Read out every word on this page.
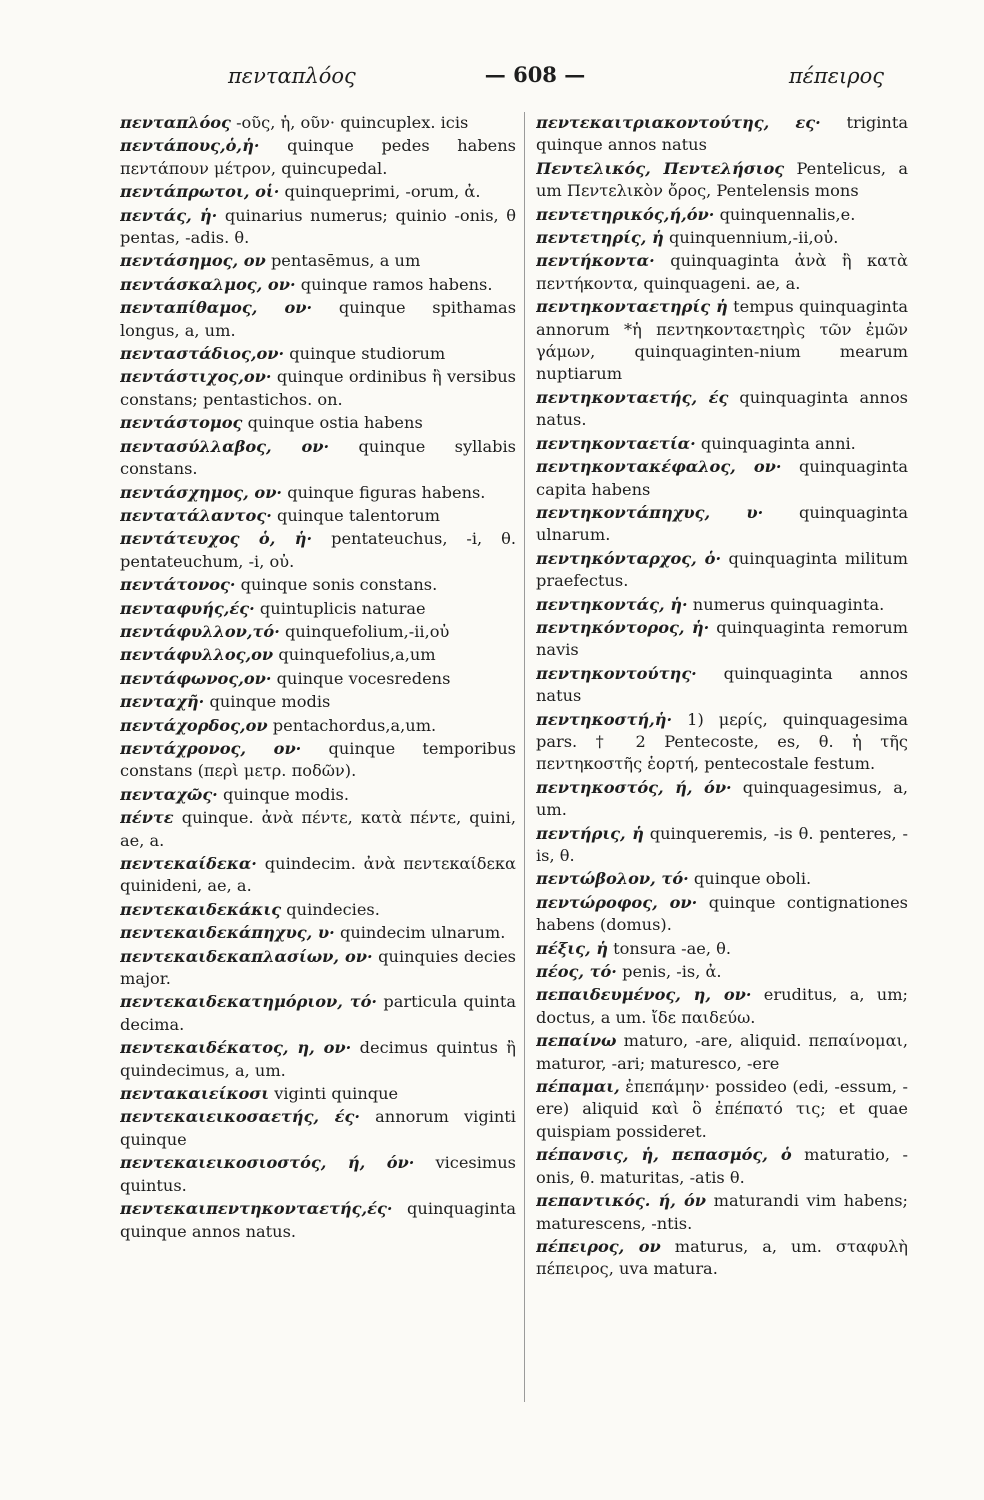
πενταπλόος	— 608 —	πέπειρος
πενταπλόος -οῦς, ἡ, οῦν· quincuplex. icis
πεντάπους,ὁ,ἡ· quinque pedes habens πεντάπουν μέτρον, quincupedal.
πεντάπρωτοι, οἱ· quinqueprimi, -orum, ἀ.
πεντάς, ἡ· quinarius numerus; quinio -onis, θ pentas, -adis. θ.
πεντάσημος, ον pentasēmus, a um
πεντάσκαλμος, ον· quinque ramos habens.
πενταπίθαμος, ον· quinque spithamas longus, a, um.
πενταστάδιος,ον· quinque studiorum
πεντάστιχος,ον· quinque ordinibus ἢ versibus constans; pentastichos. on.
πεντάστομος quinque ostia habens
πεντασύλλαβος, ον· quinque syllabis constans.
πεντάσχημος, ον· quinque figuras habens.
πεντατάλαντος· quinque talentorum
πεντάτευχος ὁ, ἡ· pentateuchus, -i, θ. pentateuchum, -i, οὐ.
πεντάτονος· quinque sonis constans.
πενταφυής,ές· quintuplicis naturae
πεντάφυλλον,τό· quinquefolium,-ii,οὐ
πεντάφυλλος,ον quinquefolius,a,um
πεντάφωνος,ον· quinque vocesredens
πενταχῆ· quinque modis
πεντάχορδος,ον pentachordus,a,um.
πεντάχρονος, ον· quinque temporibus constans (περὶ μετρ. ποδῶν).
πενταχῶς· quinque modis.
πέντε quinque. ἀνὰ πέντε, κατὰ πέντε, quini, ae, a.
πεντεκαίδεκα· quindecim. ἀνὰ πεντεκαίδεκα quinideni, ae, a.
πεντεκαιδεκάκις quindecies.
πεντεκαιδεκάπηχυς, υ· quindecim ulnarum.
πεντεκαιδεκαπλασίων, ον· quinquies decies major.
πεντεκαιδεκατημόριον, τό· particula quinta decima.
πεντεκαιδέκατος, η, ον· decimus quintus ἢ quindecimus, a, um.
πεντακαιείκοσι viginti quinque
πεντεκαιεικοσαετής, ές· annorum viginti quinque
πεντεκαιεικοσιοστός, ή, όν· vicesimus quintus.
πεντεκαιπεντηκονταετής,ές· quinquaginta quinque annos natus.
πεντεκαιτριακοντούτης, ες· triginta quinque annos natus
Πεντελικός, Πεντελήσιος Pentelicus, a um Πεντελικὸν ὄρος, Pentelensis mons
πεντετηρικός,ή,όν· quinquennalis,e.
πεντετηρίς, ἡ quinquennium,-ii,οὐ.
πεντήκοντα· quinquaginta ἀνὰ ἢ κατὰ πεντήκοντα, quinquageni. ae, a.
πεντηκονταετηρίς ἡ tempus quinquaginta annorum *ἡ πεντηκονταετηρὶς τῶν ἐμῶν γάμων, quinquaginten-nium mearum nuptiarum
πεντηκονταετής, ές quinquaginta annos natus.
πεντηκονταετία· quinquaginta anni.
πεντηκοντακέφαλος, ον· quinquaginta capita habens
πεντηκοντάπηχυς, υ· quinquaginta ulnarum.
πεντηκόνταρχος, ὁ· quinquaginta militum praefectus.
πεντηκοντάς, ἡ· numerus quinquaginta.
πεντηκόντορος, ἡ· quinquaginta remorum navis
πεντηκοντούτης· quinquaginta annos natus
πεντηκοστή,ἡ· 1) μερίς, quinquagesima pars. † 2 Pentecoste, es, θ. ἡ τῆς πεντηκοστῆς ἑορτή, pentecostale festum.
πεντηκοστός, ή, όν· quinquagesimus, a, um.
πεντήρις, ἡ quinqueremis, -is θ. penteres, -is, θ.
πεντώβολον, τό· quinque oboli.
πεντώροφος, ον· quinque contignationes habens (domus).
πέξις, ἡ tonsura -ae, θ.
πέος, τό· penis, -is, ἀ.
πεπαιδευμένος, η, ον· eruditus, a, um; doctus, a um. ἴδε παιδεύω.
πεπαίνω maturo, -are, aliquid. πεπαίνομαι, maturor, -ari; maturesco, -ere
πέπαμαι, ἐπεπάμην· possideo (edi, -essum, -ere) aliquid καὶ ὃ ἐπέπατό τις; et quae quispiam possideret.
πέπανσις, ἡ, πεπασμός, ὁ maturatio, -onis, θ. maturitas, -atis θ.
πεπαντικός. ή, όν maturandi vim habens; maturescens, -ntis.
πέπειρος, ον maturus, a, um. σταφυλὴ πέπειρος, uva matura.
